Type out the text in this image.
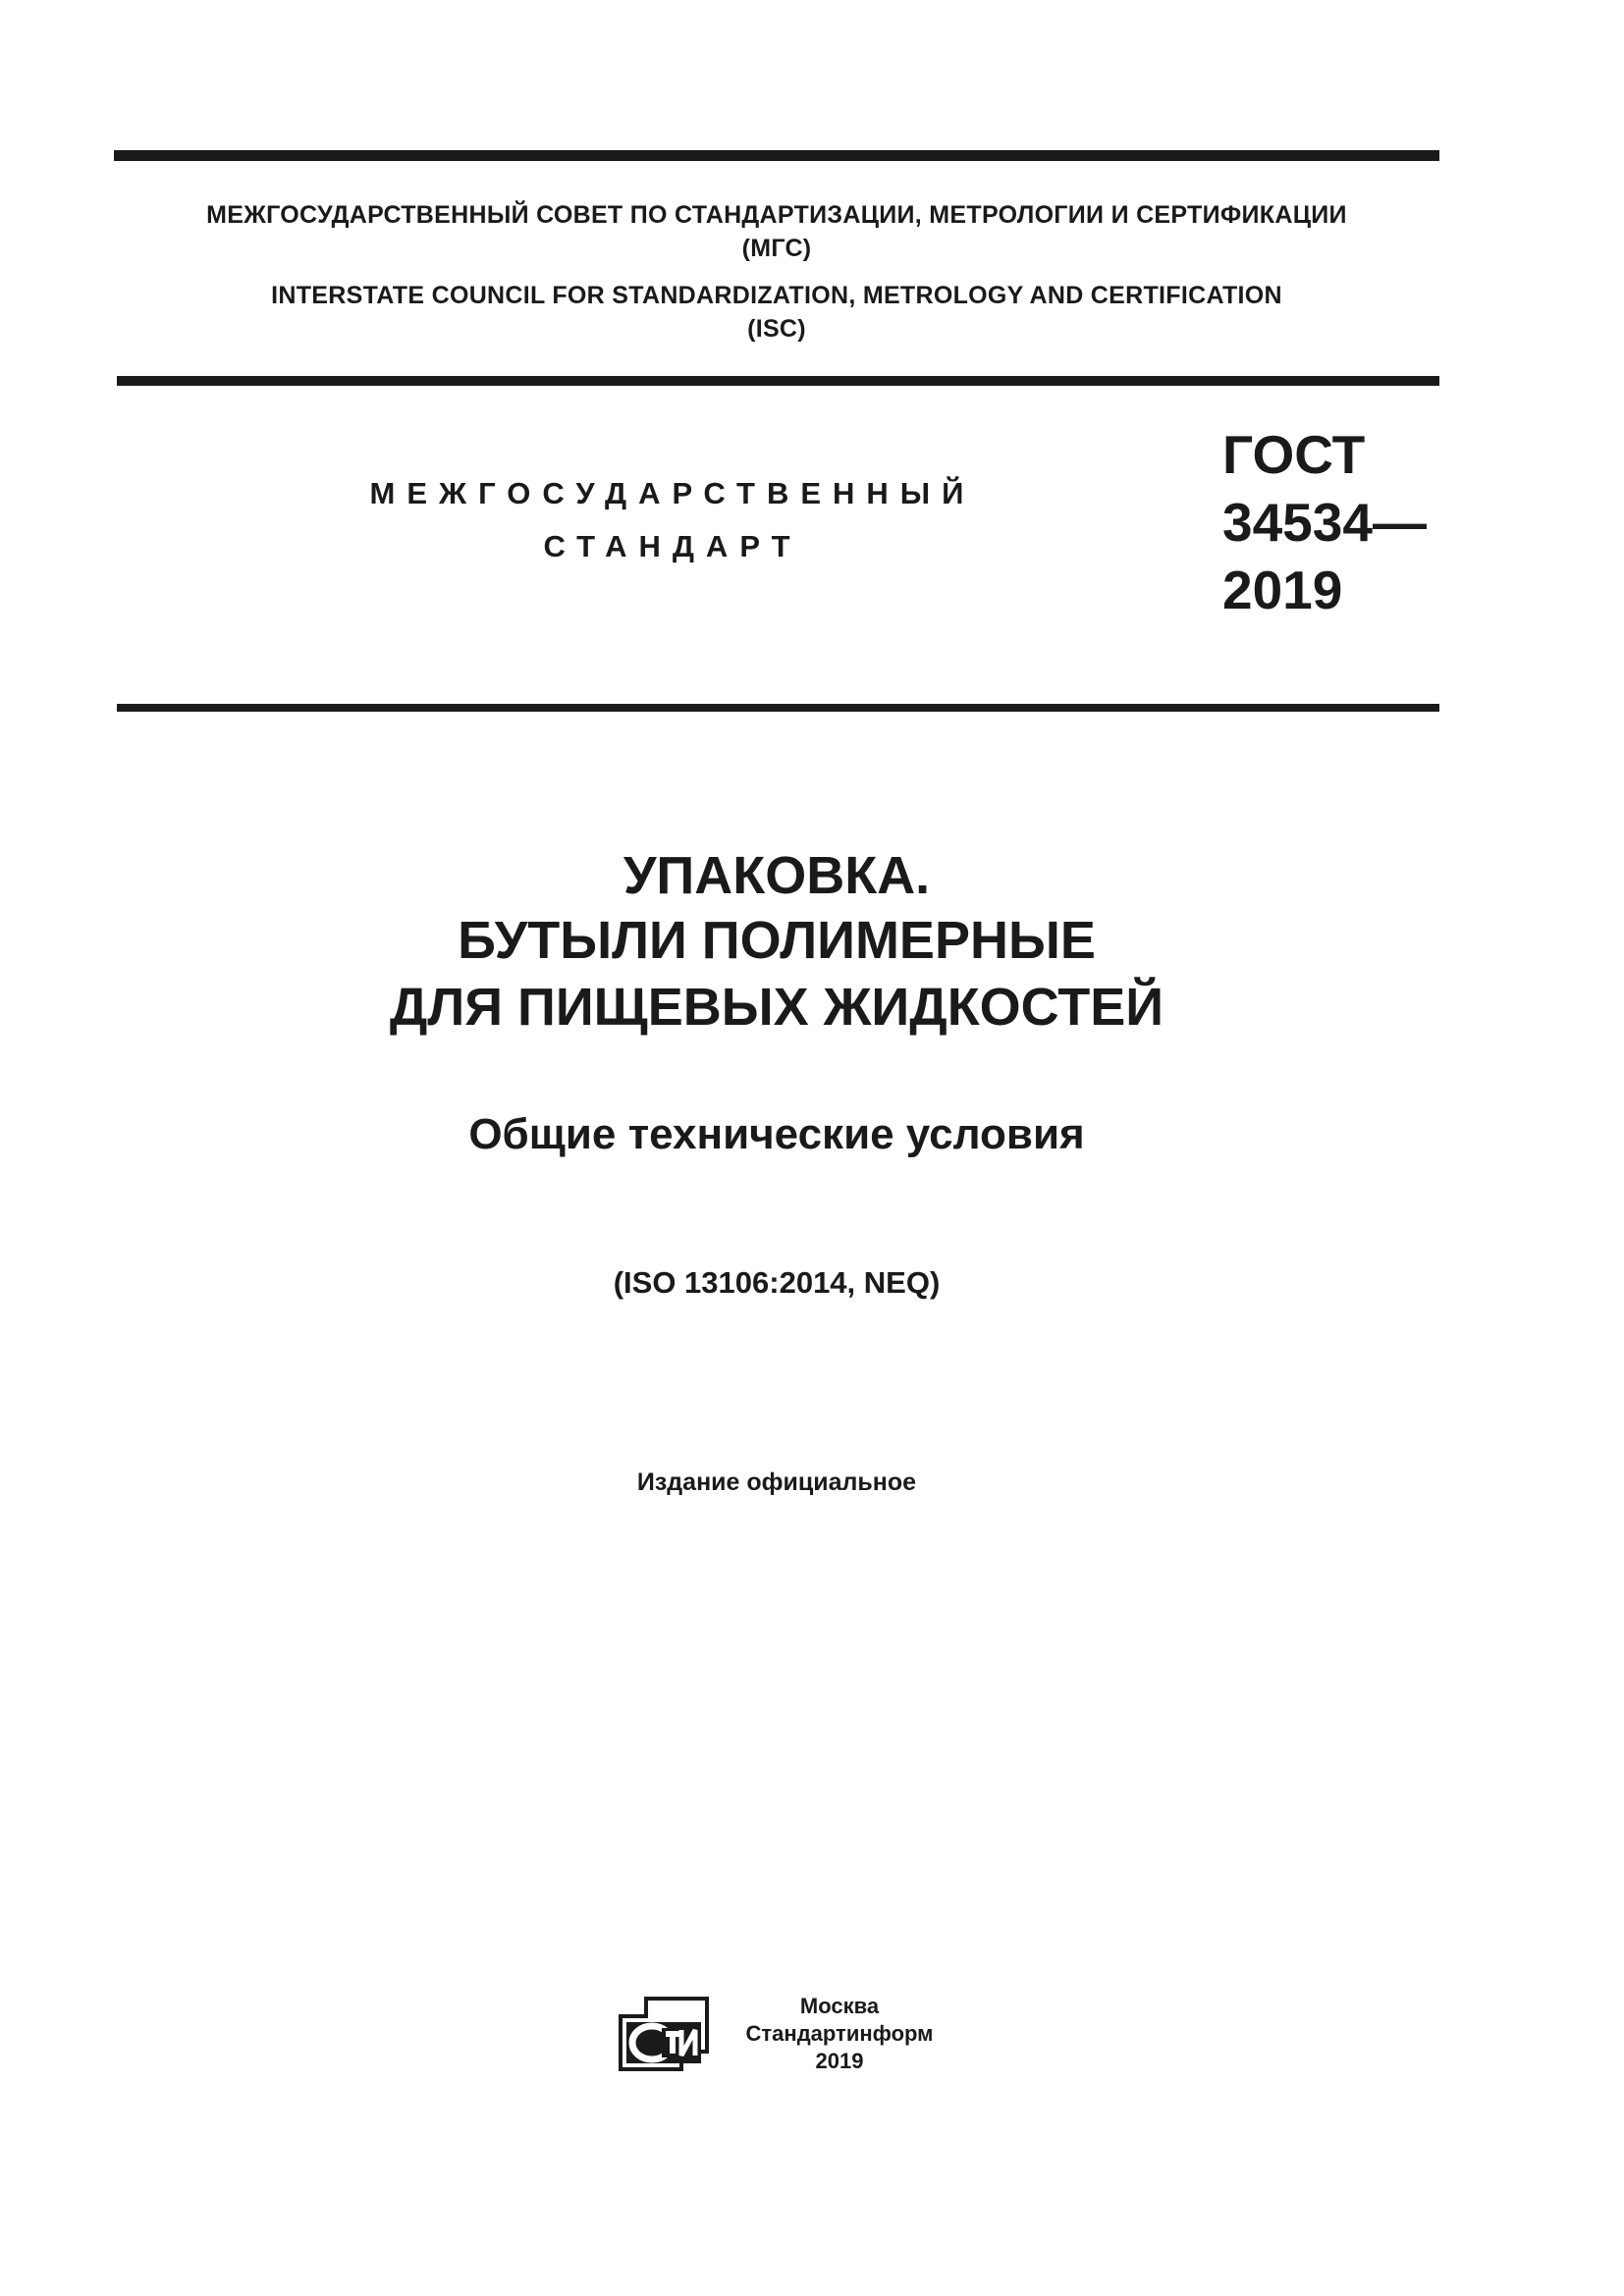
МЕЖГОСУДАРСТВЕННЫЙ СОВЕТ ПО СТАНДАРТИЗАЦИИ, МЕТРОЛОГИИ И СЕРТИФИКАЦИИ
(МГС)
INTERSTATE COUNCIL FOR STANDARDIZATION, METROLOGY AND CERTIFICATION
(ISC)
МЕЖГОСУДАРСТВЕННЫЙ
СТАНДАРТ
ГОСТ
34534—
2019
УПАКОВКА.
БУТЫЛИ ПОЛИМЕРНЫЕ
ДЛЯ ПИЩЕВЫХ ЖИДКОСТЕЙ
Общие технические условия
(ISO 13106:2014, NEQ)
Издание официальное
Москва
Стандартинформ
2019
